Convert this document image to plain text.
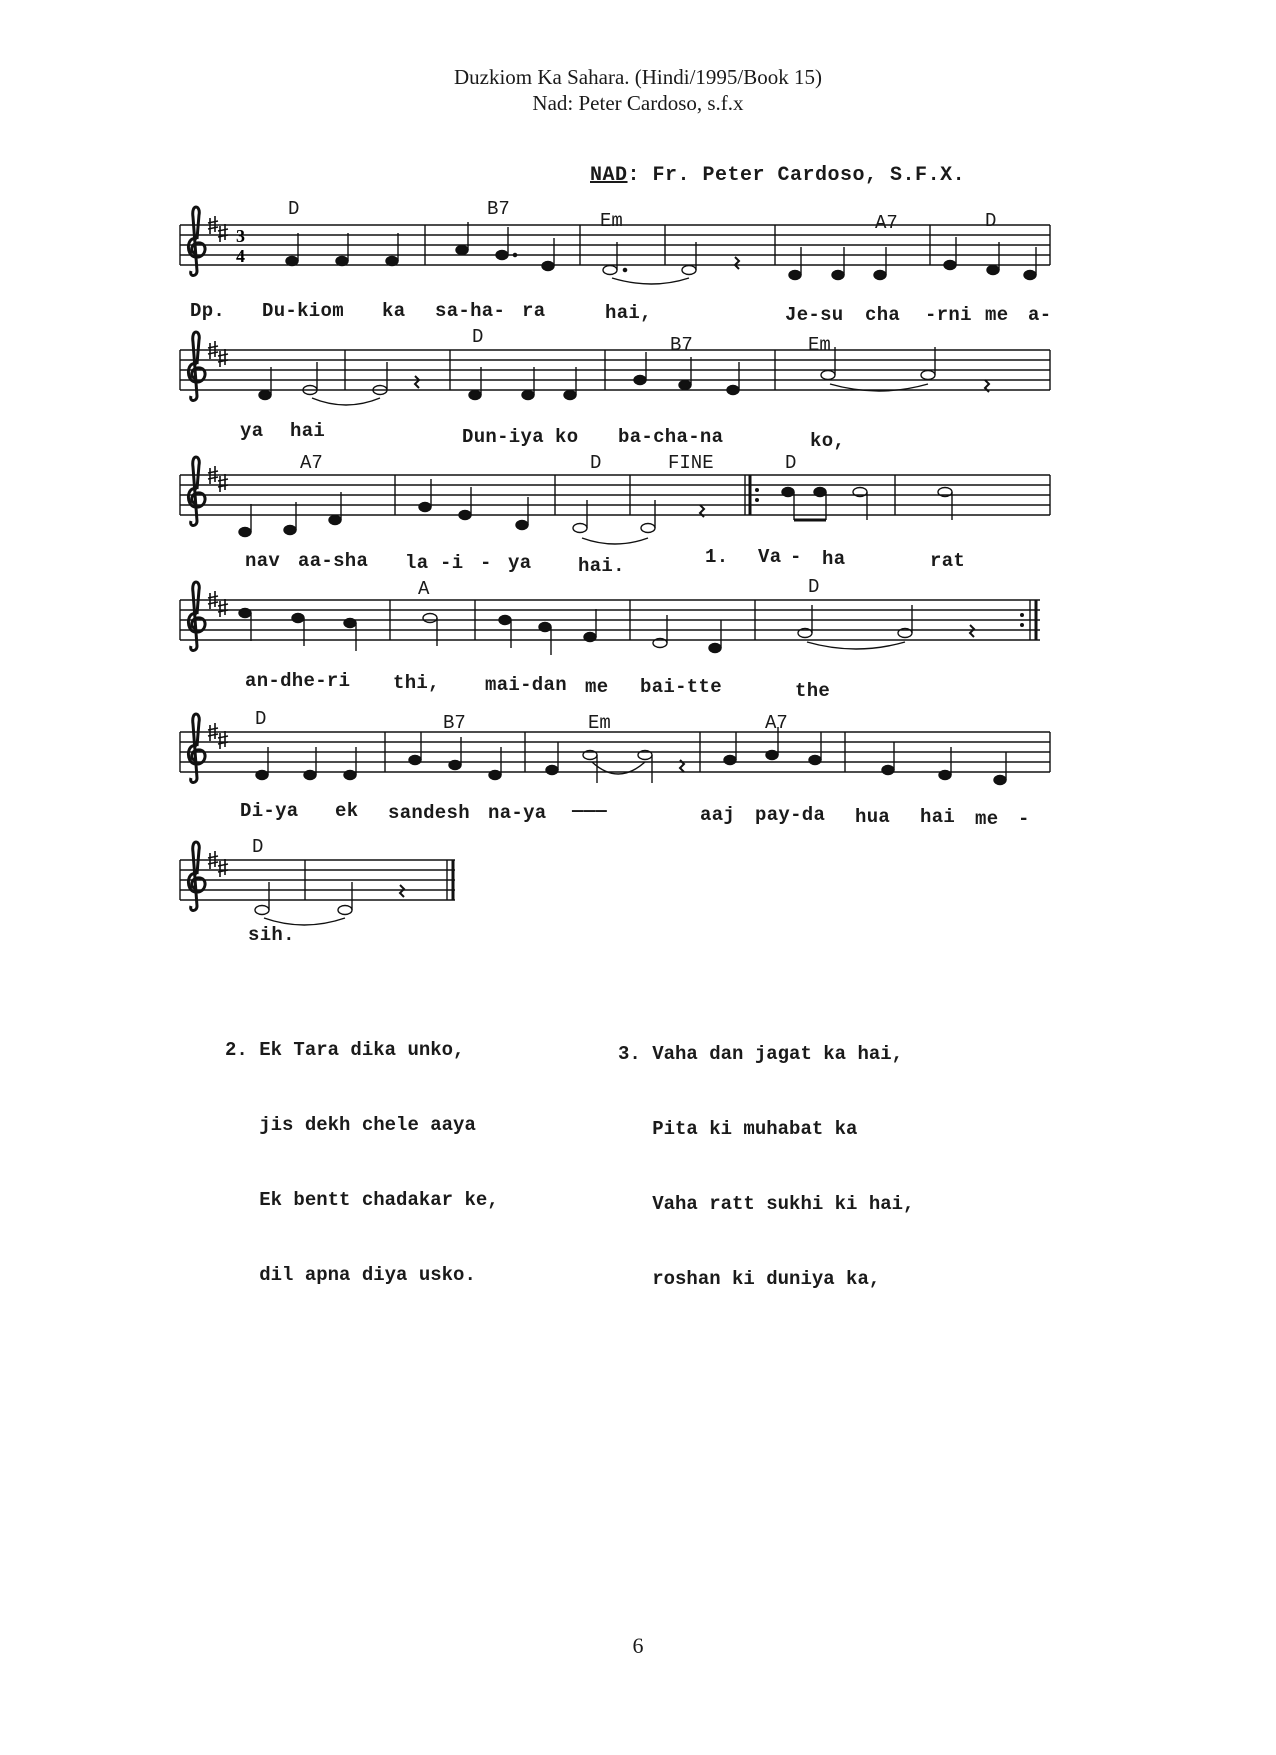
Duzkiom Ka Sahara. (Hindi/1995/Book 15)
Nad: Peter Cardoso, s.f.x
NAD: Fr. Peter Cardoso, S.F.X.
3
4
D	B7
Em	A7	D
Dp. Du-kiom ka sa-ha- ra	hai,	Je-su cha -rni me a-
D	B7	Em
ya hai	Dun-iya ko ba-cha-na	ko,
A7	D	FINE	D
nav aa-sha la -i - ya hai.	1. Va - ha	rat
A	D
an-dhe-ri thi, mai-dan me bai-tte	the
D	B7	Em	A7
Di-ya ek sandesh na-ya ———	aaj pay-da hua hai me -
D
sih.

2. Ek Tara dika unko,

jis dekh chele aaya

Ek bentt chadakar ke,

dil apna diya usko.

3. Vaha dan jagat ka hai,

Pita ki muhabat ka

Vaha ratt sukhi ki hai,

roshan ki duniya ka,

6
